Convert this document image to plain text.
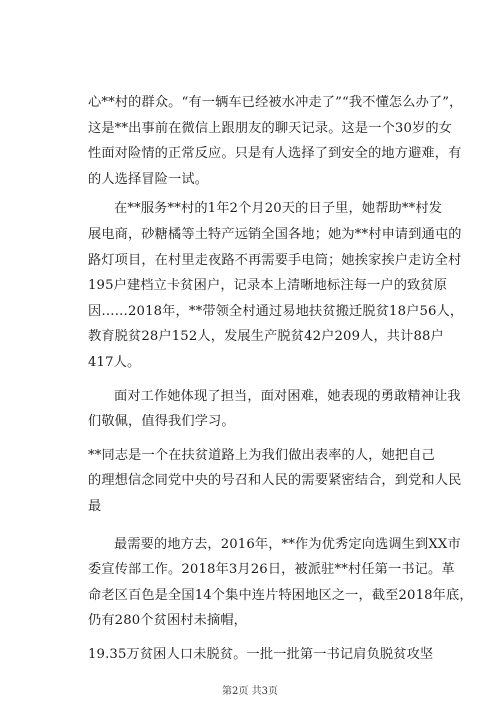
心**村的群众。“有一辆车已经被水冲走了”“我不懂怎么办了”，
这是**出事前在微信上跟朋友的聊天记录。这是一个30岁的女
性面对险情的正常反应。只是有人选择了到安全的地方避难，有
的人选择冒险一试。

在**服务**村的1年2个月20天的日子里，她帮助**村发
展电商，砂糖橘等土特产远销全国各地；她为**村申请到通屯的
路灯项目，在村里走夜路不再需要手电筒；她挨家挨户走访全村
195户建档立卡贫困户，记录本上清晰地标注每一户的致贫原
因……2018年，**带领全村通过易地扶贫搬迁脱贫18户56人，
教育脱贫28户152人，发展生产脱贫42户209人，共计88户
417人。

面对工作她体现了担当，面对困难，她表现的勇敢精神让我
们敬佩，值得我们学习。

**同志是一个在扶贫道路上为我们做出表率的人，她把自己
的理想信念同党中央的号召和人民的需要紧密结合，到党和人民
最

最需要的地方去，2016年，**作为优秀定向选调生到XX市
委宣传部工作。2018年3月26日，被派驻**村任第一书记。革
命老区百色是全国14个集中连片特困地区之一，截至2018年底，
仍有280个贫困村未摘帽，

19.35万贫困人口未脱贫。一批一批第一书记肩负脱贫攻坚

第2页 共3页
